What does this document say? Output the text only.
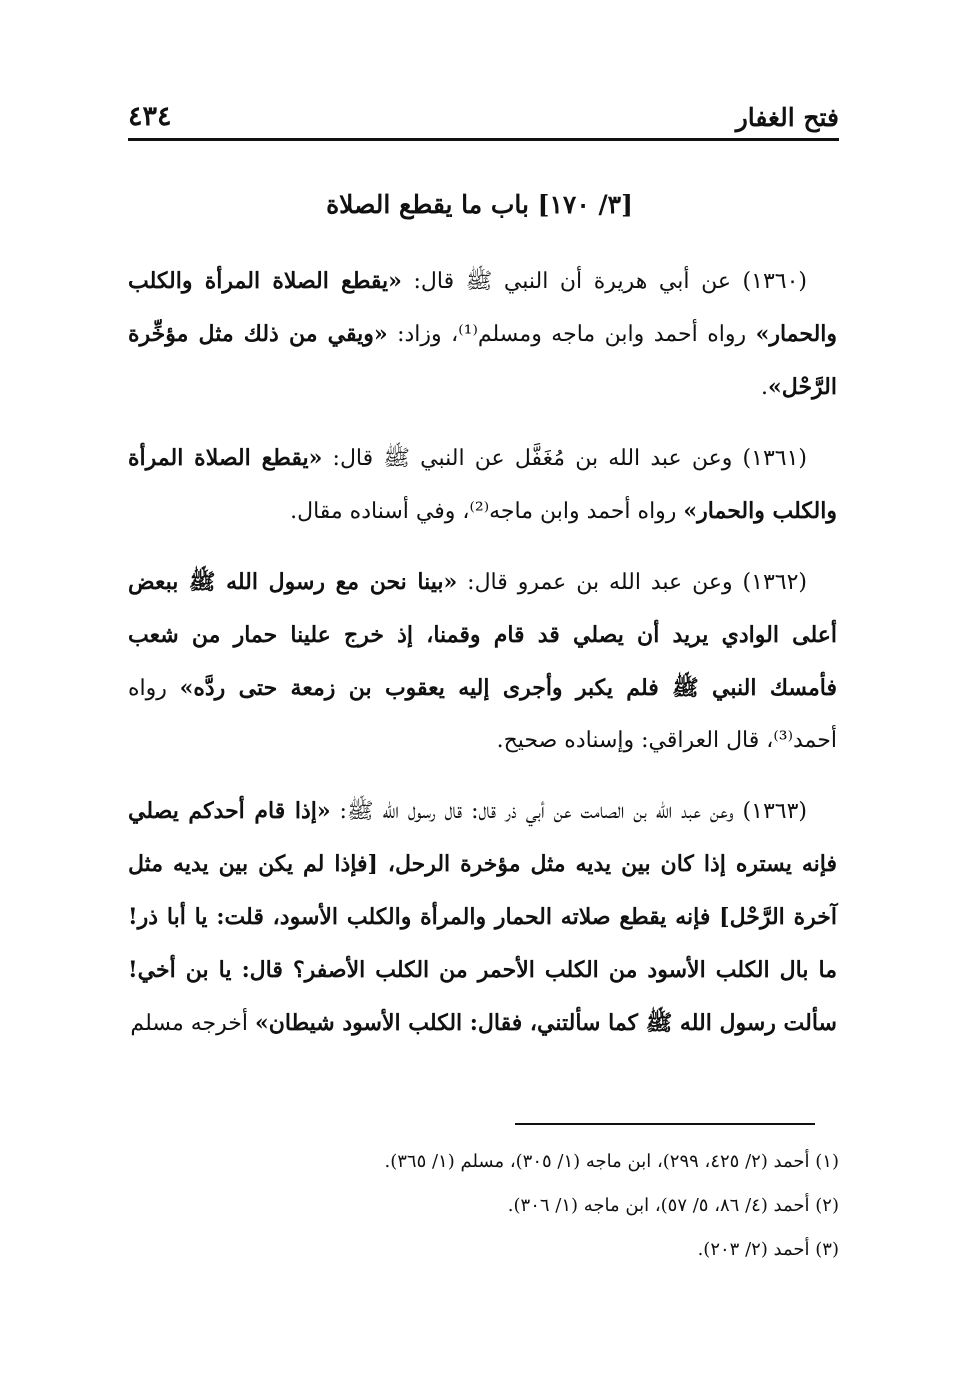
فتح الغفار
٤٣٤
[٣/ ١٧٠] باب ما يقطع الصلاة

(١٣٦٠) عن أبي هريرة أن النبي ﷺ قال: «يقطع الصلاة المرأة والكلب والحمار» رواه أحمد وابن ماجه ومسلم⁽¹⁾، وزاد: «ويقي من ذلك مثل مؤخِّرة الرَّحْل».

(١٣٦١) وعن عبد الله بن مُغَفَّل عن النبي ﷺ قال: «يقطع الصلاة المرأة والكلب والحمار» رواه أحمد وابن ماجه⁽²⁾، وفي أسناده مقال.

(١٣٦٢) وعن عبد الله بن عمرو قال: «بينا نحن مع رسول الله ﷺ ببعض أعلى الوادي يريد أن يصلي قد قام وقمنا، إذ خرج علينا حمار من شعب فأمسك النبي ﷺ فلم يكبر وأجرى إليه يعقوب بن زمعة حتى ردَّه» رواه أحمد⁽³⁾، قال العراقي: وإسناده صحيح.

(١٣٦٣) وعن عبد الله بن الصامت عن أبي ذر قال: قال رسول الله ﷺ: «إذا قام أحدكم يصلي فإنه يستره إذا كان بين يديه مثل مؤخرة الرحل، [فإذا لم يكن بين يديه مثل آخرة الرَّحْل] فإنه يقطع صلاته الحمار والمرأة والكلب الأسود، قلت: يا أبا ذر! ما بال الكلب الأسود من الكلب الأحمر من الكلب الأصفر؟ قال: يا بن أخي! سألت رسول الله ﷺ كما سألتني، فقال: الكلب الأسود شيطان» أخرجه مسلم

(١) أحمد (٢/ ٤٢٥، ٢٩٩)، ابن ماجه (١/ ٣٠٥)، مسلم (١/ ٣٦٥).

(٢) أحمد (٤/ ٨٦، ٥/ ٥٧)، ابن ماجه (١/ ٣٠٦).

(٣) أحمد (٢/ ٢٠٣).
